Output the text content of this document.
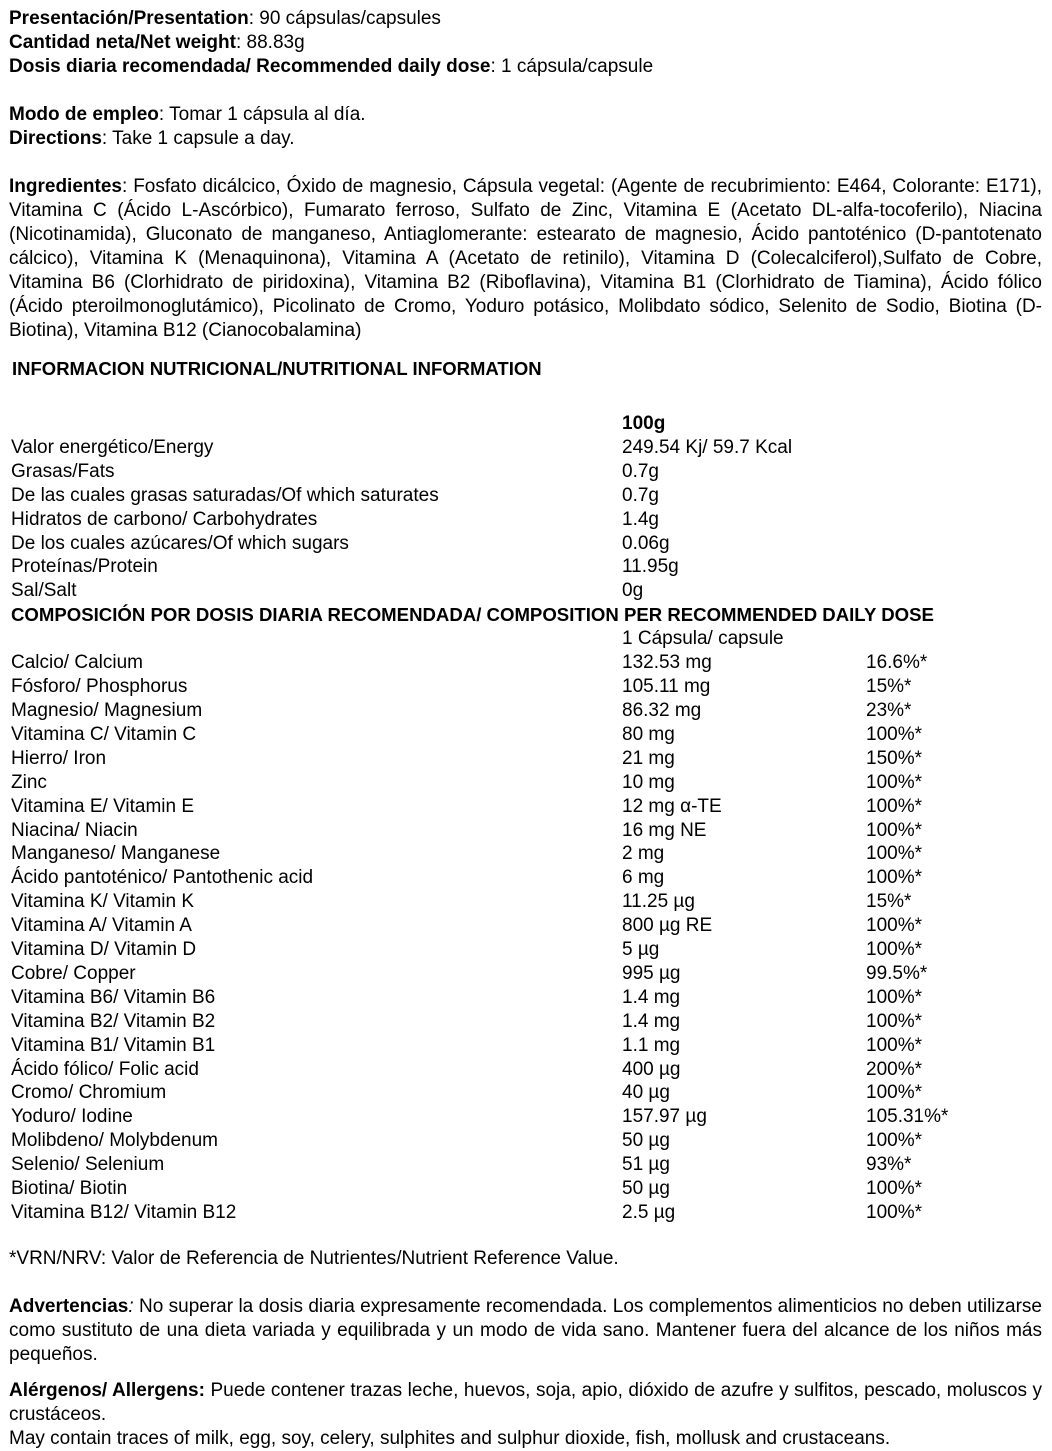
Presentación/Presentation: 90 cápsulas/capsules

Cantidad neta/Net weight: 88.83g

Dosis diaria recomendada/ Recommended daily dose: 1 cápsula/capsule

Modo de empleo: Tomar 1 cápsula al día.

Directions: Take 1 capsule a day.

Ingredientes: Fosfato dicálcico, Óxido de magnesio, Cápsula vegetal: (Agente de recubrimiento: E464, Colorante: E171), Vitamina C (Ácido L-Ascórbico), Fumarato ferroso, Sulfato de Zinc, Vitamina E (Acetato DL-alfa-tocoferilo), Niacina (Nicotinamida), Gluconato de manganeso, Antiaglomerante: estearato de magnesio, Ácido pantoténico (D-pantotenato cálcico), Vitamina K (Menaquinona), Vitamina A (Acetato de retinilo), Vitamina D (Colecalciferol),Sulfato de Cobre, Vitamina B6 (Clorhidrato de piridoxina), Vitamina B2 (Riboflavina), Vitamina B1 (Clorhidrato de Tiamina), Ácido fólico (Ácido pteroilmonoglutámico), Picolinato de Cromo, Yoduro potásico, Molibdato sódico, Selenito de Sodio, Biotina (D-Biotina), Vitamina B12 (Cianocobalamina)

INFORMACION NUTRICIONAL/NUTRITIONAL INFORMATION

	100g	
Valor energético/Energy	249.54 Kj/ 59.7 Kcal	
Grasas/Fats	0.7g	
De las cuales grasas saturadas/Of which saturates	0.7g	
Hidratos de carbono/ Carbohydrates	1.4g	
De los cuales azúcares/Of which sugars	0.06g	
Proteínas/Protein	11.95g	
Sal/Salt	0g	

COMPOSICIÓN POR DOSIS DIARIA RECOMENDADA/ COMPOSITION PER RECOMMENDED DAILY DOSE

	1 Cápsula/ capsule	
Calcio/ Calcium	132.53 mg	16.6%*
Fósforo/ Phosphorus	105.11 mg	15%*
Magnesio/ Magnesium	86.32 mg	23%*
Vitamina C/ Vitamin C	80 mg	100%*
Hierro/ Iron	21 mg	150%*
Zinc	10 mg	100%*
Vitamina E/ Vitamin E	12 mg α-TE	100%*
Niacina/ Niacin	16 mg NE	100%*
Manganeso/ Manganese	2 mg	100%*
Ácido pantoténico/ Pantothenic acid	6 mg	100%*
Vitamina K/ Vitamin K	11.25 µg	15%*
Vitamina A/ Vitamin A	800 µg RE	100%*
Vitamina D/ Vitamin D	5 µg	100%*
Cobre/ Copper	995 µg	99.5%*
Vitamina B6/ Vitamin B6	1.4 mg	100%*
Vitamina B2/ Vitamin B2	1.4 mg	100%*
Vitamina B1/ Vitamin B1	1.1 mg	100%*
Ácido fólico/ Folic acid	400 µg	200%*
Cromo/ Chromium	40 µg	100%*
Yoduro/ Iodine	157.97 µg	105.31%*
Molibdeno/ Molybdenum	50 µg	100%*
Selenio/ Selenium	51 µg	93%*
Biotina/ Biotin	50 µg	100%*
Vitamina B12/ Vitamin B12	2.5 µg	100%*

*VRN/NRV: Valor de Referencia de Nutrientes/Nutrient Reference Value.

Advertencias: No superar la dosis diaria expresamente recomendada. Los complementos alimenticios no deben utilizarse como sustituto de una dieta variada y equilibrada y un modo de vida sano. Mantener fuera del alcance de los niños más pequeños.

Alérgenos/ Allergens: Puede contener trazas leche, huevos, soja, apio, dióxido de azufre y sulfitos, pescado, moluscos y crustáceos.

May contain traces of milk, egg, soy, celery, sulphites and sulphur dioxide, fish, mollusk and crustaceans.
